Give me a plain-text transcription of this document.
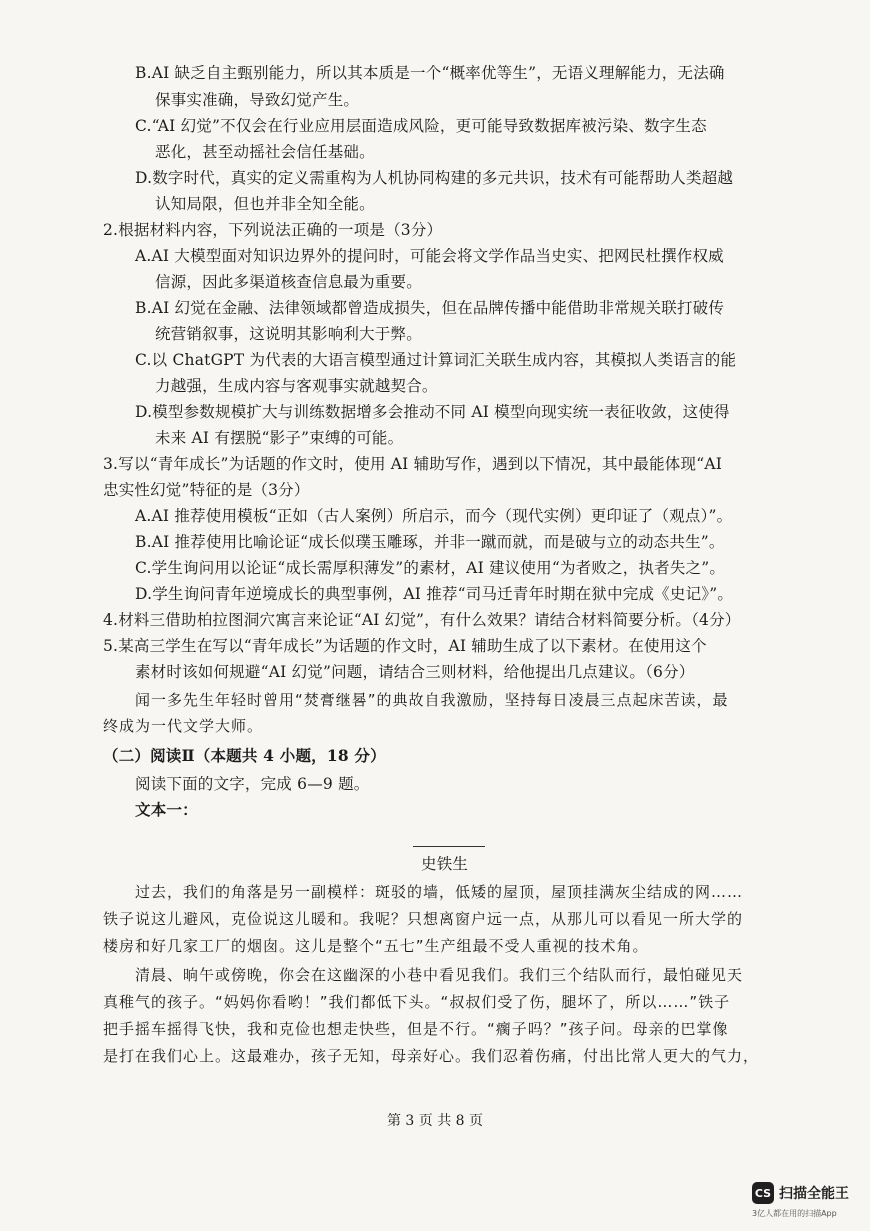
B.AI 缺乏自主甄别能力，所以其本质是一个“概率优等生”，无语义理解能力，无法确
保事实准确，导致幻觉产生。
C.“AI 幻觉”不仅会在行业应用层面造成风险，更可能导致数据库被污染、数字生态
恶化，甚至动摇社会信任基础。
D.数字时代，真实的定义需重构为人机协同构建的多元共识，技术有可能帮助人类超越
认知局限，但也并非全知全能。
2.根据材料内容，下列说法正确的一项是（3分）
A.AI 大模型面对知识边界外的提问时，可能会将文学作品当史实、把网民杜撰作权威
信源，因此多渠道核查信息最为重要。
B.AI 幻觉在金融、法律领域都曾造成损失，但在品牌传播中能借助非常规关联打破传
统营销叙事，这说明其影响利大于弊。
C.以 ChatGPT 为代表的大语言模型通过计算词汇关联生成内容，其模拟人类语言的能
力越强，生成内容与客观事实就越契合。
D.模型参数规模扩大与训练数据增多会推动不同 AI 模型向现实统一表征收敛，这使得
未来 AI 有摆脱“影子”束缚的可能。
3.写以“青年成长”为话题的作文时，使用 AI 辅助写作，遇到以下情况，其中最能体现“AI
忠实性幻觉”特征的是（3分）
A.AI 推荐使用模板“正如（古人案例）所启示，而今（现代实例）更印证了（观点）”。
B.AI 推荐使用比喻论证“成长似璞玉雕琢，并非一蹴而就，而是破与立的动态共生”。
C.学生询问用以论证“成长需厚积薄发”的素材，AI 建议使用“为者败之，执者失之”。
D.学生询问青年逆境成长的典型事例，AI 推荐“司马迁青年时期在狱中完成《史记》”。
4.材料三借助柏拉图洞穴寓言来论证“AI 幻觉”，有什么效果？请结合材料简要分析。（4分）
5.某高三学生在写以“青年成长”为话题的作文时，AI 辅助生成了以下素材。在使用这个
素材时该如何规避“AI 幻觉”问题，请结合三则材料，给他提出几点建议。（6分）
闻一多先生年轻时曾用“焚膏继晷”的典故自我激励，坚持每日凌晨三点起床苦读，最
终成为一代文学大师。
（二）阅读Ⅱ（本题共 4 小题，18 分）
阅读下面的文字，完成 6—9 题。
文本一：
史铁生
过去，我们的角落是另一副模样：斑驳的墙，低矮的屋顶，屋顶挂满灰尘结成的网……
铁子说这儿避风，克俭说这儿暖和。我呢？只想离窗户远一点，从那儿可以看见一所大学的
楼房和好几家工厂的烟囱。这儿是整个“五七”生产组最不受人重视的技术角。
清晨、晌午或傍晚，你会在这幽深的小巷中看见我们。我们三个结队而行，最怕碰见天
真稚气的孩子。“妈妈你看哟！”我们都低下头。“叔叔们受了伤，腿坏了，所以……”铁子
把手摇车摇得飞快，我和克俭也想走快些，但是不行。“瘸子吗？”孩子问。母亲的巴掌像
是打在我们心上。这最难办，孩子无知，母亲好心。我们忍着伤痛，付出比常人更大的气力，
第 3 页 共 8 页
CS 扫描全能王
3亿人都在用的扫描App
